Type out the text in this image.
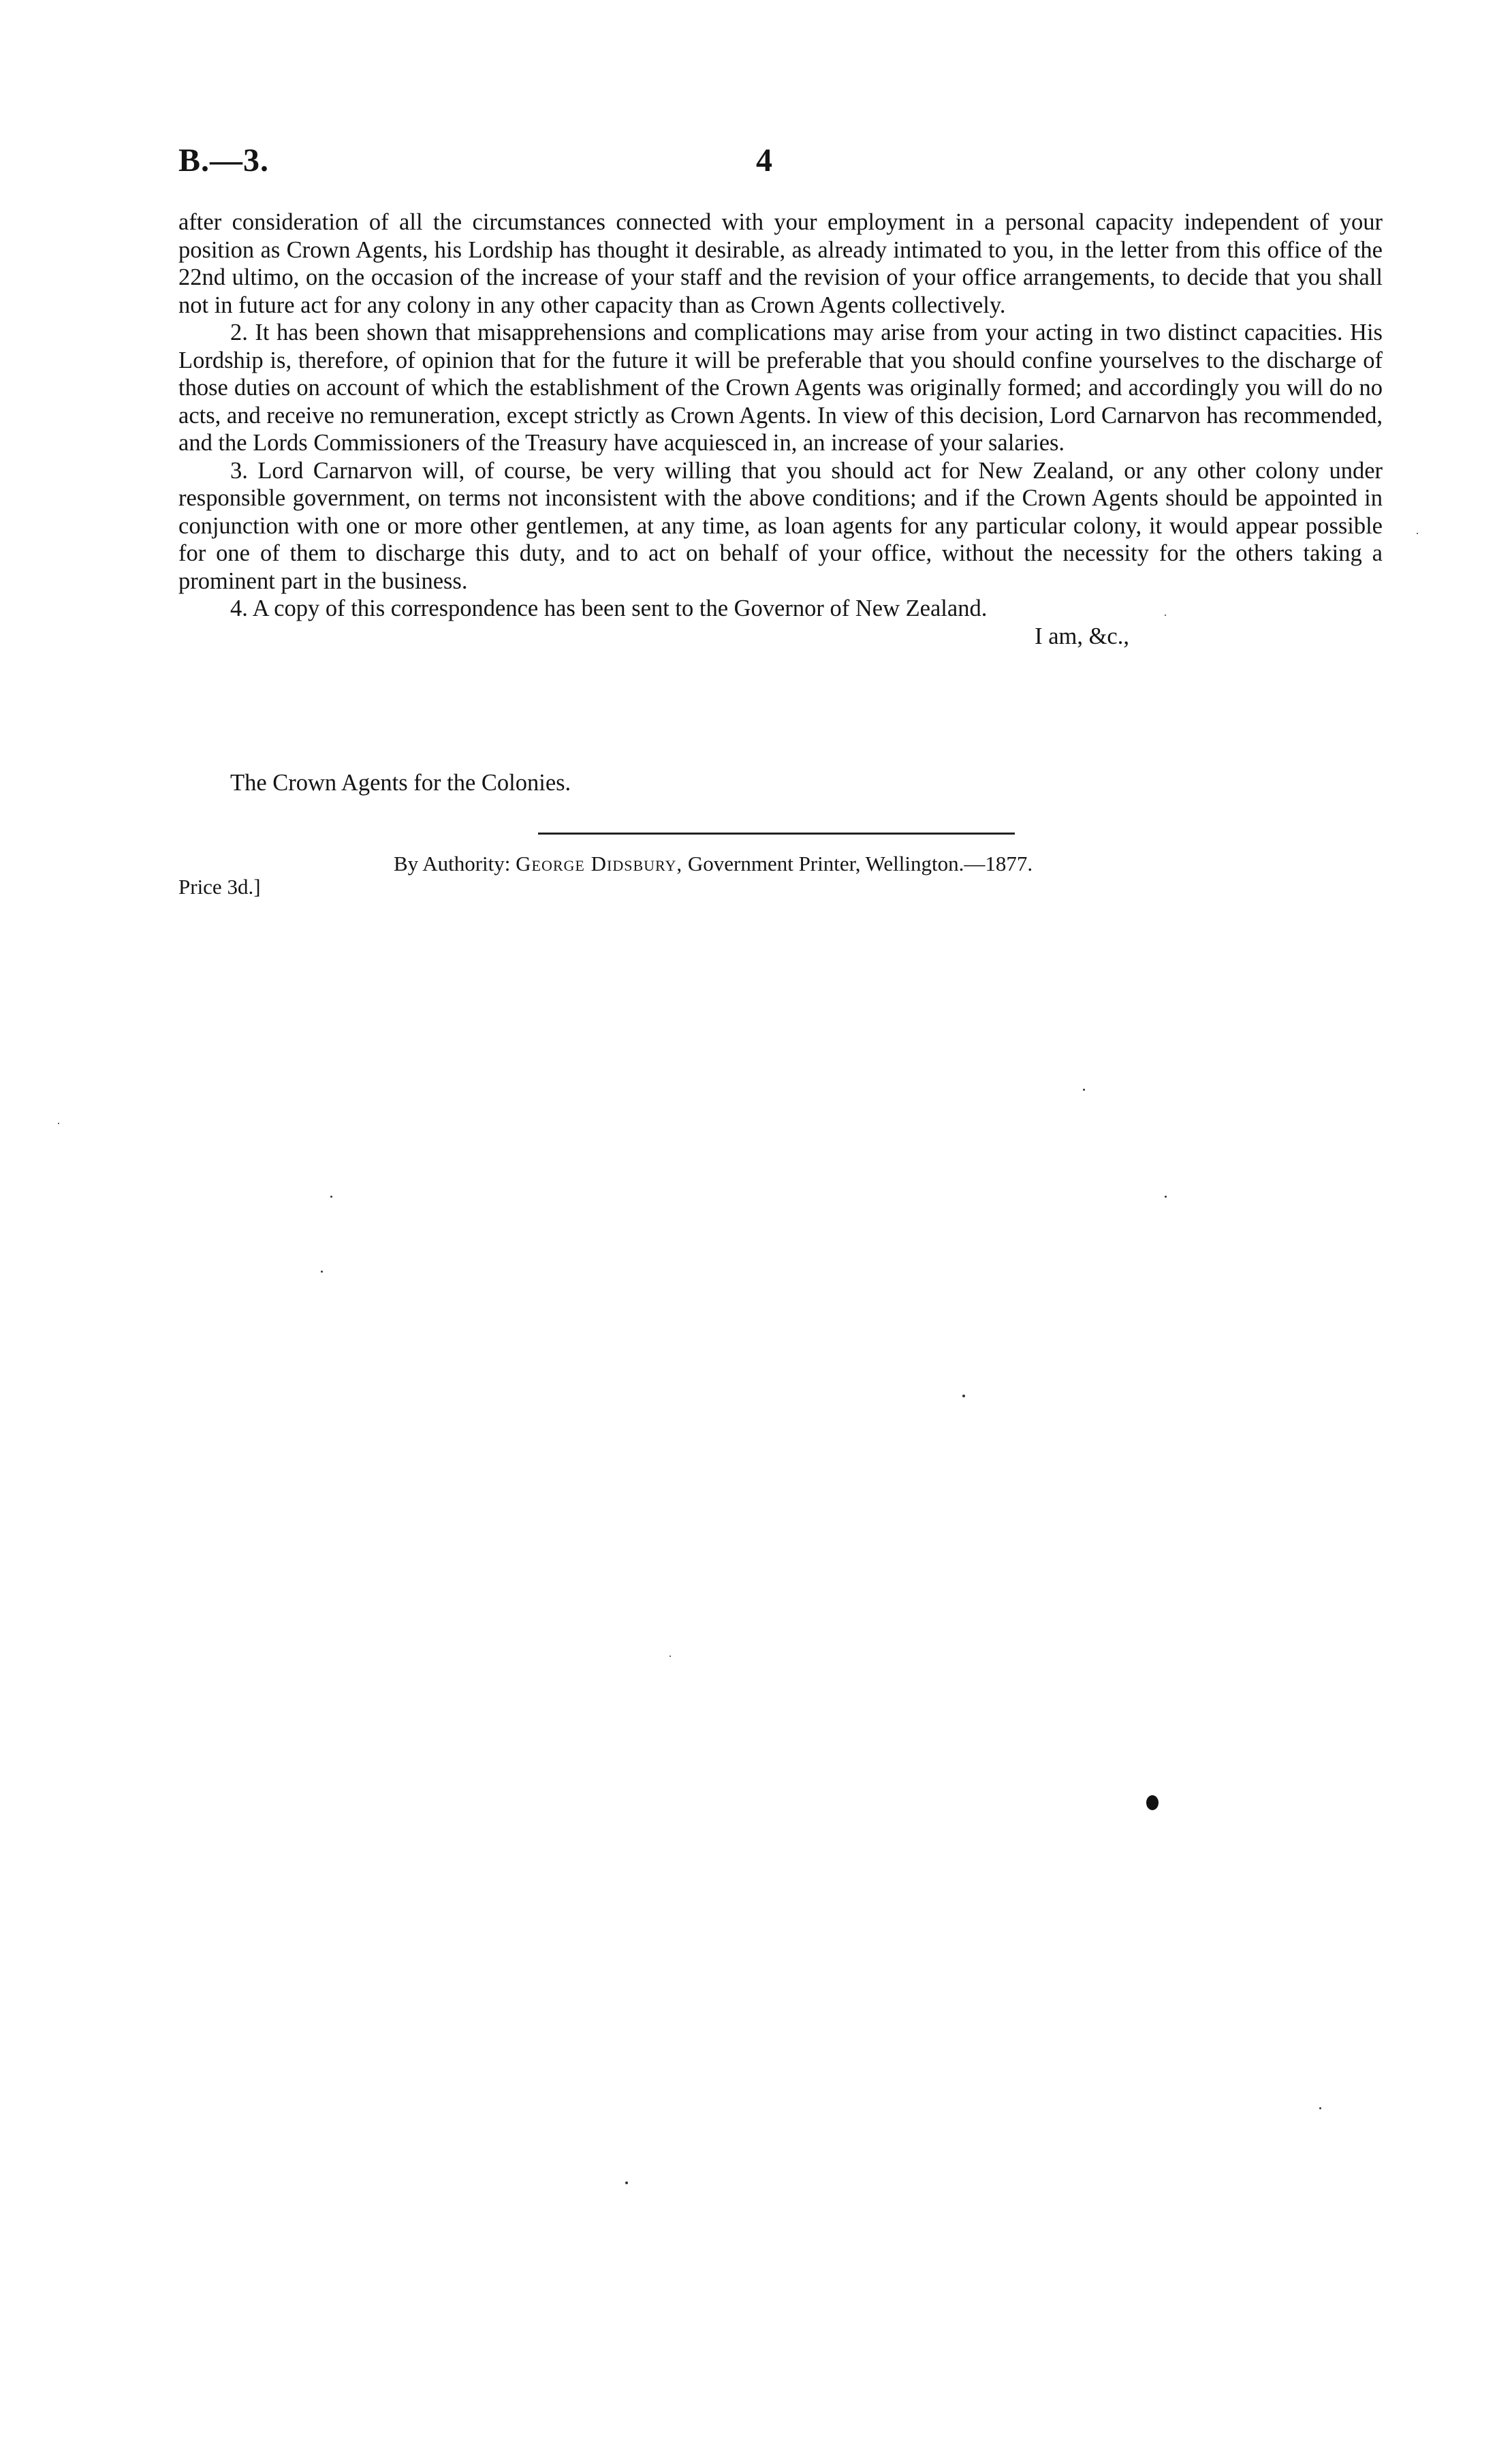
B.—3.	4

after consideration of all the circumstances connected with your employment in a personal capacity independent of your position as Crown Agents, his Lordship has thought it desirable, as already intimated to you, in the letter from this office of the 22nd ultimo, on the occasion of the increase of your staff and the revision of your office arrangements, to decide that you shall not in future act for any colony in any other capacity than as Crown Agents collectively.

2. It has been shown that misapprehensions and complications may arise from your acting in two distinct capacities. His Lordship is, therefore, of opinion that for the future it will be preferable that you should confine yourselves to the discharge of those duties on account of which the establishment of the Crown Agents was originally formed; and accordingly you will do no acts, and receive no remuneration, except strictly as Crown Agents. In view of this decision, Lord Carnarvon has recommended, and the Lords Commissioners of the Treasury have acquiesced in, an increase of your salaries.

3. Lord Carnarvon will, of course, be very willing that you should act for New Zealand, or any other colony under responsible government, on terms not inconsistent with the above conditions; and if the Crown Agents should be appointed in conjunction with one or more other gentlemen, at any time, as loan agents for any particular colony, it would appear possible for one of them to discharge this duty, and to act on behalf of your office, without the necessity for the others taking a prominent part in the business.

4. A copy of this correspondence has been sent to the Governor of New Zealand.

I am, &c.,

The Crown Agents for the Colonies.
By Authority: George Didsbury, Government Printer, Wellington.—1877.
Price 3d.]
